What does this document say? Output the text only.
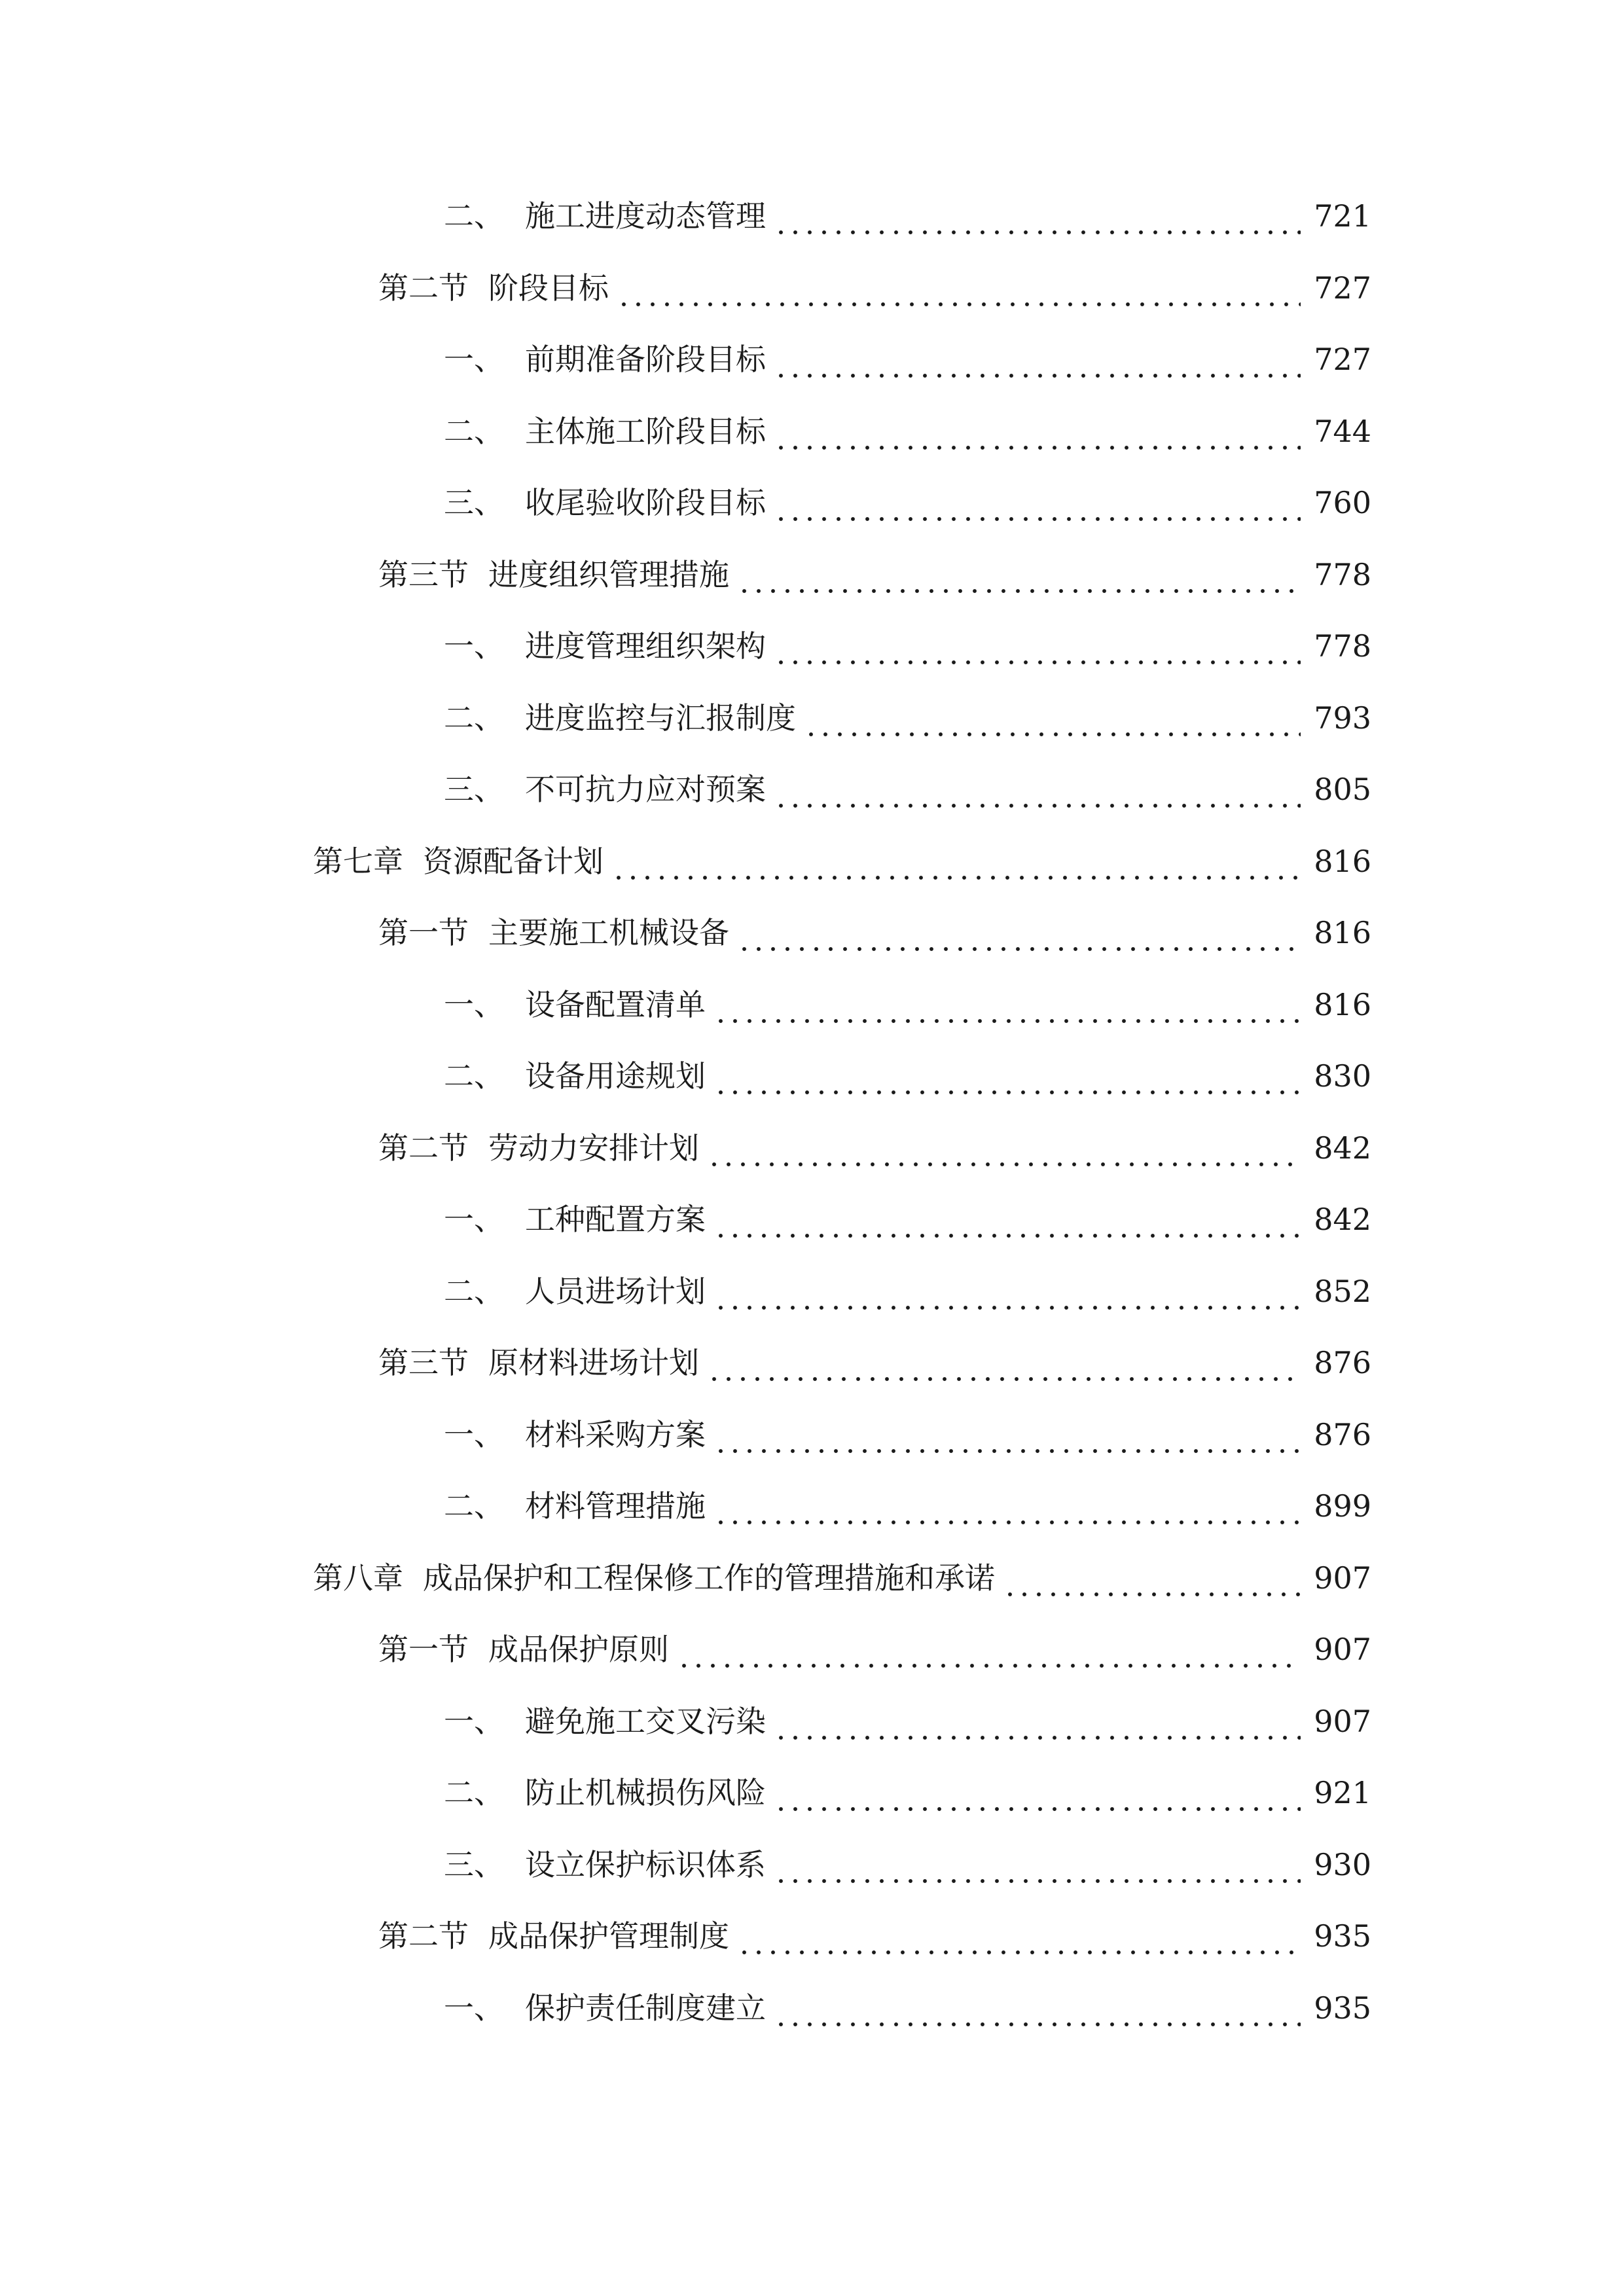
二、 施工进度动态管理	721
第二节 阶段目标	727
一、 前期准备阶段目标	727
二、 主体施工阶段目标	744
三、 收尾验收阶段目标	760
第三节 进度组织管理措施	778
一、 进度管理组织架构	778
二、 进度监控与汇报制度	793
三、 不可抗力应对预案	805
第七章 资源配备计划	816
第一节 主要施工机械设备	816
一、 设备配置清单	816
二、 设备用途规划	830
第二节 劳动力安排计划	842
一、 工种配置方案	842
二、 人员进场计划	852
第三节 原材料进场计划	876
一、 材料采购方案	876
二、 材料管理措施	899
第八章 成品保护和工程保修工作的管理措施和承诺	907
第一节 成品保护原则	907
一、 避免施工交叉污染	907
二、 防止机械损伤风险	921
三、 设立保护标识体系	930
第二节 成品保护管理制度	935
一、 保护责任制度建立	935
